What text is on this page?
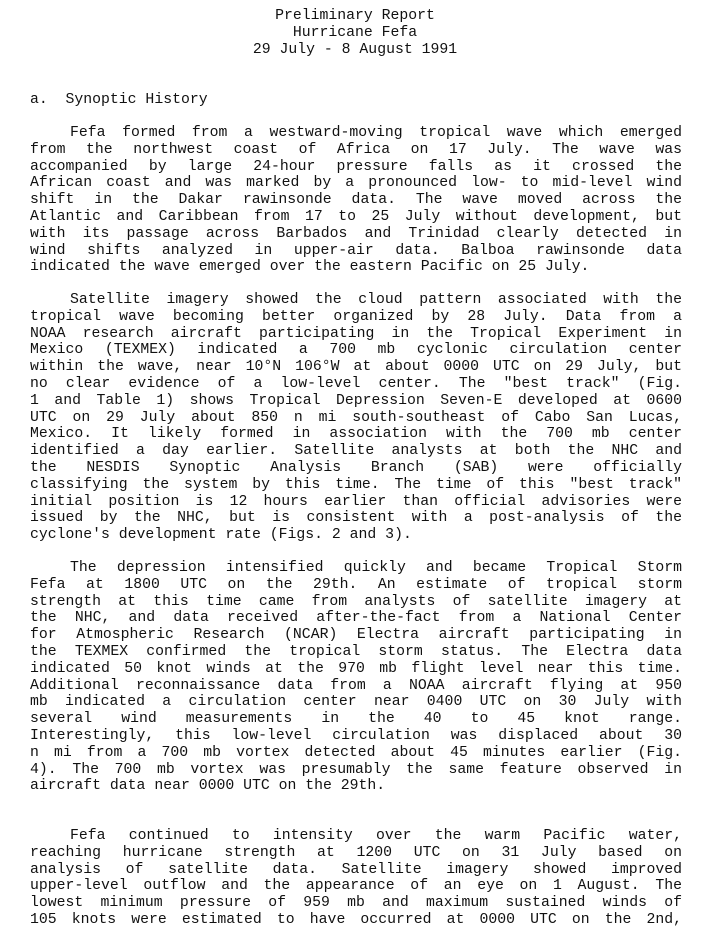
Preliminary Report
Hurricane Fefa
29 July - 8 August 1991
a.  Synoptic History
Fefa formed from a westward-moving tropical wave which emerged
from the northwest coast of Africa on 17 July. The wave was
accompanied by large 24-hour pressure falls as it crossed the
African coast and was marked by a pronounced low- to mid-level wind
shift in the Dakar rawinsonde data. The wave moved across the
Atlantic and Caribbean from 17 to 25 July without development, but
with its passage across Barbados and Trinidad clearly detected in
wind shifts analyzed in upper-air data. Balboa rawinsonde data
indicated the wave emerged over the eastern Pacific on 25 July.
Satellite imagery showed the cloud pattern associated with the
tropical wave becoming better organized by 28 July. Data from a
NOAA research aircraft participating in the Tropical Experiment in
Mexico (TEXMEX) indicated a 700 mb cyclonic circulation center
within the wave, near 10°N 106°W at about 0000 UTC on 29 July, but
no clear evidence of a low-level center. The "best track" (Fig.
1 and Table 1) shows Tropical Depression Seven-E developed at 0600
UTC on 29 July about 850 n mi south-southeast of Cabo San Lucas,
Mexico. It likely formed in association with the 700 mb center
identified a day earlier. Satellite analysts at both the NHC and
the NESDIS Synoptic Analysis Branch (SAB) were officially
classifying the system by this time. The time of this "best track"
initial position is 12 hours earlier than official advisories were
issued by the NHC, but is consistent with a post-analysis of the
cyclone's development rate (Figs. 2 and 3).
The depression intensified quickly and became Tropical Storm
Fefa at 1800 UTC on the 29th. An estimate of tropical storm
strength at this time came from analysts of satellite imagery at
the NHC, and data received after-the-fact from a National Center
for Atmospheric Research (NCAR) Electra aircraft participating in
the TEXMEX confirmed the tropical storm status. The Electra data
indicated 50 knot winds at the 970 mb flight level near this time.
Additional reconnaissance data from a NOAA aircraft flying at 950
mb indicated a circulation center near 0400 UTC on 30 July with
several wind measurements in the 40 to 45 knot range.
Interestingly, this low-level circulation was displaced about 30
n mi from a 700 mb vortex detected about 45 minutes earlier (Fig.
4). The 700 mb vortex was presumably the same feature observed in
aircraft data near 0000 UTC on the 29th.
Fefa continued to intensity over the warm Pacific water,
reaching hurricane strength at 1200 UTC on 31 July based on
analysis of satellite data. Satellite imagery showed improved
upper-level outflow and the appearance of an eye on 1 August. The
lowest minimum pressure of 959 mb and maximum sustained winds of
105 knots were estimated to have occurred at 0000 UTC on the 2nd,
